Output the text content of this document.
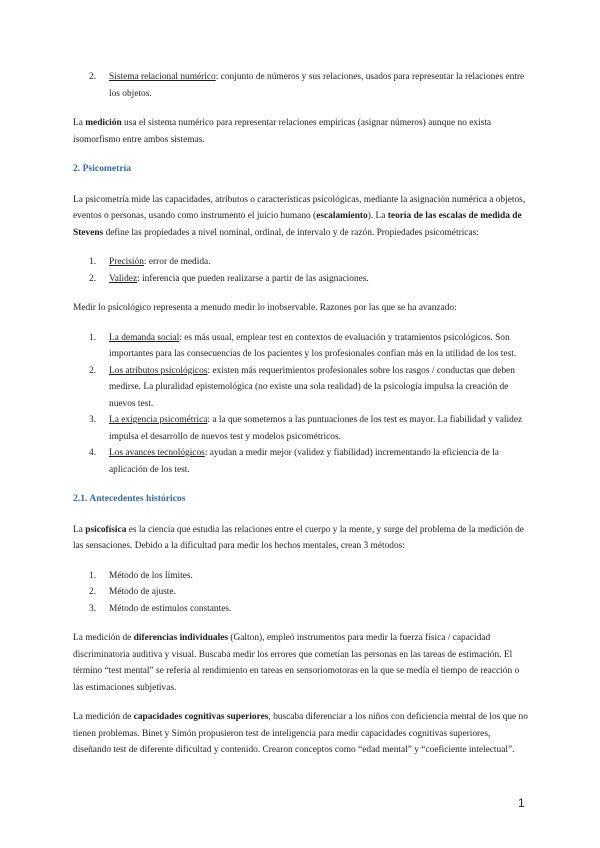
2. Sistema relacional numérico: conjunto de números y sus relaciones, usados para representar la relaciones entre los objetos.

La medición usa el sistema numérico para representar relaciones empíricas (asignar números) aunque no exista isomorfismo entre ambos sistemas.

2. Psicometría

La psicometría mide las capacidades, atributos o características psicológicas, mediante la asignación numérica a objetos, eventos o personas, usando como instrumento el juicio humano (escalamiento). La teoría de las escalas de medida de Stevens define las propiedades a nivel nominal, ordinal, de intervalo y de razón. Propiedades psicométricas:

1. Precisión: error de medida.
2. Validez: inferencia que pueden realizarse a partir de las asignaciones.

Medir lo psicológico representa a menudo medir lo inobservable. Razones por las que se ha avanzado:

1. La demanda social: es más usual, emplear test en contextos de evaluación y tratamientos psicológicos. Son importantes para las consecuencias de los pacientes y los profesionales confían más en la utilidad de los test.
2. Los atributos psicológicos: existen más requerimientos profesionales sobre los rasgos / conductas que deben medirse. La pluralidad epistemológica (no existe una sola realidad) de la psicología impulsa la creación de nuevos test.
3. La exigencia psicométrica: a la que sometemos a las puntuaciones de los test es mayor. La fiabilidad y validez impulsa el desarrollo de nuevos test y modelos psicométricos.
4. Los avances tecnológicos: ayudan a medir mejor (validez y fiabilidad) incrementando la eficiencia de la aplicación de los test.
2.1. Antecedentes históricos

La psicofísica es la ciencia que estudia las relaciones entre el cuerpo y la mente, y surge del problema de la medición de las sensaciones. Debido a la dificultad para medir los hechos mentales, crean 3 métodos:

1. Método de los límites.
2. Método de ajuste.
3. Método de estímulos constantes.

La medición de diferencias individuales (Galton), empleó instrumentos para medir la fuerza física / capacidad discriminatoria auditiva y visual. Buscaba medir los errores que cometían las personas en las tareas de estimación. El término “test mental” se refería al rendimiento en tareas en sensoriomotoras en la que se medía el tiempo de reacción o las estimaciones subjetivas.

La medición de capacidades cognitivas superiores, buscaba diferenciar a los niños con deficiencia mental de los que no tienen problemas. Binet y Simón propusieron test de inteligencia para medir capacidades cognitivas superiores, diseñando test de diferente dificultad y contenido. Crearon conceptos como “edad mental” y “coeficiente intelectual”.

1
